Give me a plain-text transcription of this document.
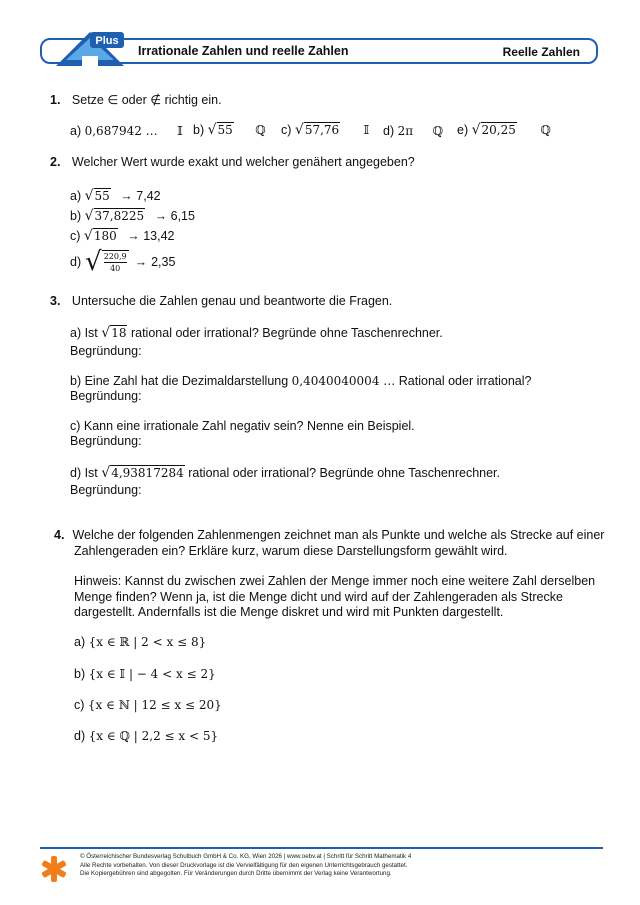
Plus
Irrationale Zahlen und reelle Zahlen	Reelle Zahlen
1. Setze ∈ oder ∉ richtig ein.
a) 0,687942 … 𝕀 b) √55 ℚ c) √57,76 𝕀 d) 2π ℚ e) √20,25 ℚ
2. Welcher Wert wurde exakt und welcher genähert angegeben?
a) √55 → 7,42
b) √37,8225 → 6,15
c) √180 → 13,42
d) √ 220,9
40	→ 2,35
3. Untersuche die Zahlen genau und beantworte die Fragen.
a) Ist √18 rational oder irrational? Begründe ohne Taschenrechner.
Begründung:
b) Eine Zahl hat die Dezimaldarstellung 0,4040040004 … Rational oder irrational?
Begründung:
c) Kann eine irrationale Zahl negativ sein? Nenne ein Beispiel.
Begründung:
d) Ist √4,93817284 rational oder irrational? Begründe ohne Taschenrechner.
Begründung:
4. Welche der folgenden Zahlenmengen zeichnet man als Punkte und welche als Strecke auf einer
Zahlengeraden ein? Erkläre kurz, warum diese Darstellungsform gewählt wird.
Hinweis: Kannst du zwischen zwei Zahlen der Menge immer noch eine weitere Zahl derselben
Menge finden? Wenn ja, ist die Menge dicht und wird auf der Zahlengeraden als Strecke
dargestellt. Andernfalls ist die Menge diskret und wird mit Punkten dargestellt.
a) {x ∈ ℝ | 2 < x ≤ 8}
b) {x ∈ 𝕀 | − 4 < x ≤ 2}
c) {x ∈ ℕ | 12 ≤ x ≤ 20}
d) {x ∈ ℚ | 2,2 ≤ x < 5}
© Österreichischer Bundesverlag Schulbuch GmbH & Co. KG, Wien 2026 | www.oebv.at | Schritt für Schritt Mathematik 4
Alle Rechte vorbehalten. Von dieser Druckvorlage ist die Vervielfältigung für den eigenen Unterrichtsgebrauch gestattet.
Die Kopiergebühren sind abgegolten. Für Veränderungen durch Dritte übernimmt der Verlag keine Verantwortung.
